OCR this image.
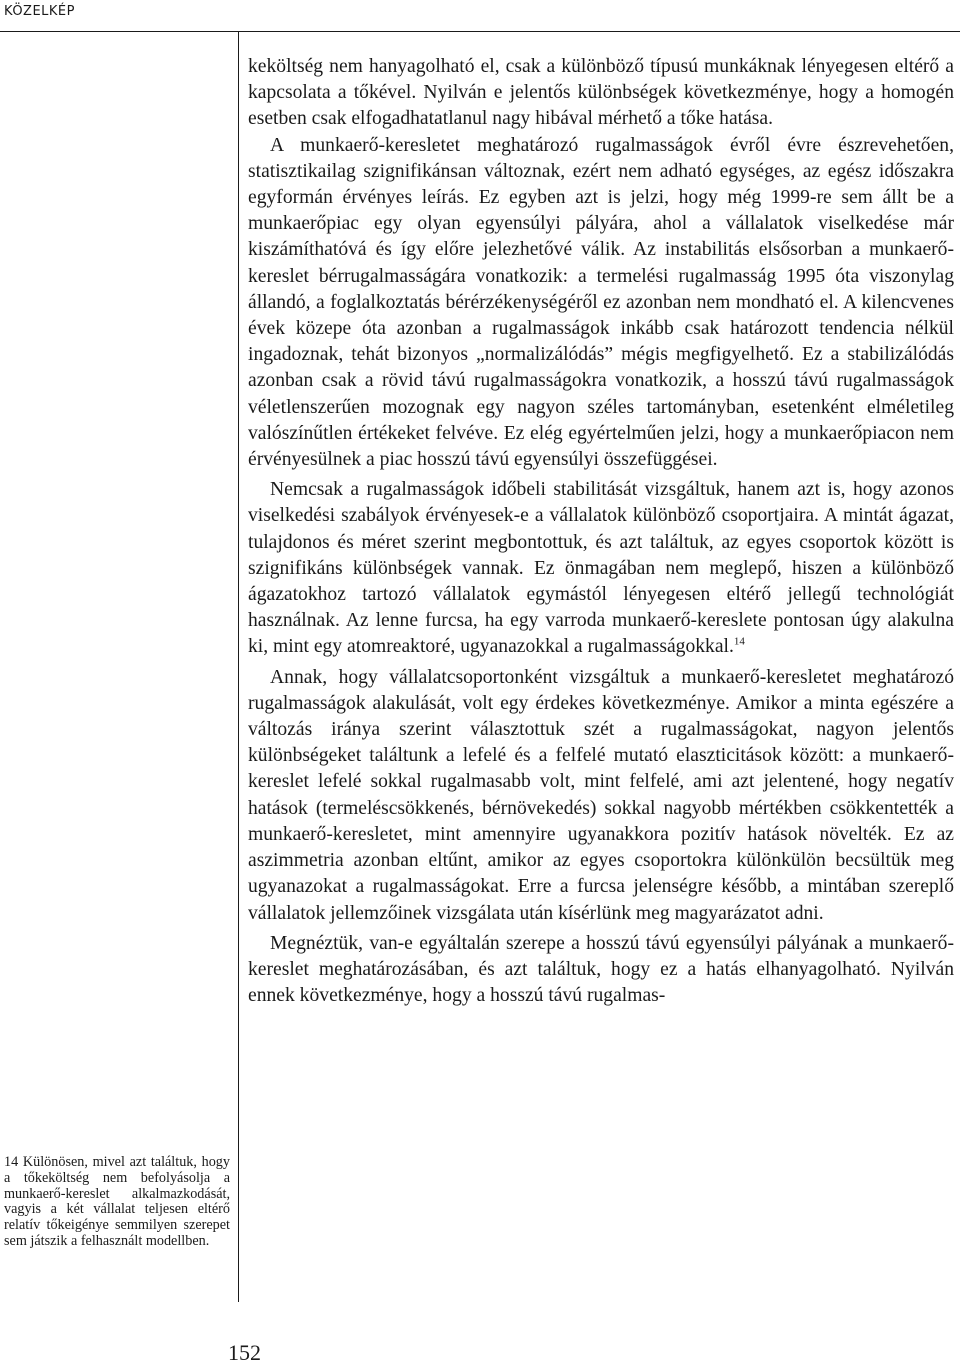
KÖZELKÉP

keköltség nem hanyagolható el, csak a különböző típusú munkáknak lényegesen eltérő a kapcsolata a tőkével. Nyilván e jelentős különbségek következménye, hogy a homogén esetben csak elfogadhatatlanul nagy hibával mérhető a tőke hatása.

A munkaerő-keresletet meghatározó rugalmasságok évről évre észrevehetően, statisztikailag szignifikánsan változnak, ezért nem adható egységes, az egész időszakra egyformán érvényes leírás. Ez egyben azt is jelzi, hogy még 1999-re sem állt be a munkaerőpiac egy olyan egyensúlyi pályára, ahol a vállalatok viselkedése már kiszámíthatóvá és így előre jelezhetővé válik. Az instabilitás elsősorban a munkaerő-kereslet bérrugalmasságára vonatkozik: a termelési rugalmasság 1995 óta viszonylag állandó, a foglalkoztatás bérérzékenységéről ez azonban nem mondható el. A kilencvenes évek közepe óta azonban a rugalmasságok inkább csak határozott tendencia nélkül ingadoznak, tehát bizonyos „normalizálódás” mégis megfigyelhető. Ez a stabilizálódás azonban csak a rövid távú rugalmasságokra vonatkozik, a hosszú távú rugalmasságok véletlenszerűen mozognak egy nagyon széles tartományban, esetenként elméletileg valószínűtlen értékeket felvéve. Ez elég egyértelműen jelzi, hogy a munkaerőpiacon nem érvényesülnek a piac hosszú távú egyensúlyi összefüggései.

Nemcsak a rugalmasságok időbeli stabilitását vizsgáltuk, hanem azt is, hogy azonos viselkedési szabályok érvényesek-e a vállalatok különböző csoportjaira. A mintát ágazat, tulajdonos és méret szerint megbontottuk, és azt találtuk, az egyes csoportok között is szignifikáns különbségek vannak. Ez önmagában nem meglepő, hiszen a különböző ágazatokhoz tartozó vállalatok egymástól lényegesen eltérő jellegű technológiát használnak. Az lenne furcsa, ha egy varroda munkaerő-kereslete pontosan úgy alakulna ki, mint egy atomreaktoré, ugyanazokkal a rugalmasságokkal.$^{14}$

Annak, hogy vállalatcsoportonként vizsgáltuk a munkaerő-keresletet meghatározó rugalmasságok alakulását, volt egy érdekes következménye. Amikor a minta egészére a változás iránya szerint választottuk szét a rugalmasságokat, nagyon jelentős különbségeket találtunk a lefelé és a felfelé mutató elaszticitások között: a munkaerő-kereslet lefelé sokkal rugalmasabb volt, mint felfelé, ami azt jelentené, hogy negatív hatások (termeléscsökkenés, bérnövekedés) sokkal nagyobb mértékben csökkentették a munkaerő-keresletet, mint amennyire ugyanakkora pozitív hatások növelték. Ez az aszimmetria azonban eltűnt, amikor az egyes csoportokra különkülön becsültük meg ugyanazokat a rugalmasságokat. Erre a furcsa jelenségre később, a mintában szereplő vállalatok jellemzőinek vizsgálata után kísérlünk meg magyarázatot adni.

Megnéztük, van-e egyáltalán szerepe a hosszú távú egyensúlyi pályának a munkaerő-kereslet meghatározásában, és azt találtuk, hogy ez a hatás elhanyagolható. Nyilván ennek következménye, hogy a hosszú távú rugalmas-

14 Különösen, mivel azt találtuk, hogy a tőkeköltség nem befolyásolja a munkaerő-kereslet alkalmazkodását, vagyis a két vállalat teljesen eltérő relatív tőkeigénye semmilyen szerepet sem játszik a felhasznált modellben.
152
